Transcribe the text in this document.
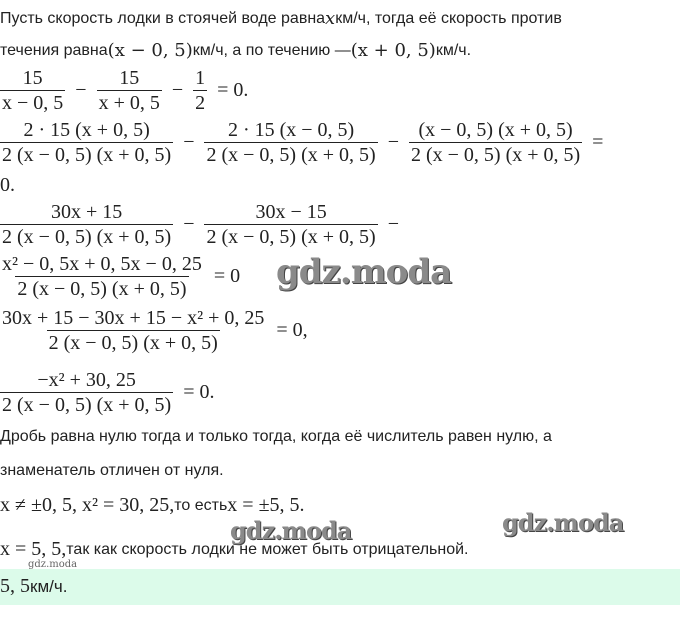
Пусть скорость лодки в стоячей воде равна x км/ч, тогда её скорость против
течения равна (x − 0, 5) км/ч, а по течению — (x + 0, 5) км/ч.
$\frac{15}{x - 0, 5} - \frac{15}{x + 0, 5} - \frac{1}{2} = 0$.
$\frac{2 \cdot 15 (x + 0, 5)}{2 (x - 0, 5) (x + 0, 5)} - \frac{2 \cdot 15 (x - 0, 5)}{2 (x - 0, 5) (x + 0, 5)} - \frac{(x - 0, 5) (x + 0, 5)}{2 (x - 0, 5) (x + 0, 5)}$ =
0.
$\frac{30x + 15}{2 (x - 0, 5) (x + 0, 5)} - \frac{30x - 15}{2 (x - 0, 5) (x + 0, 5)}$ −
$\frac{\text{x² − 0, 5x + 0, 5x − 0, 25}}{2 (x - 0, 5) (x + 0, 5)} = 0$ gdz.moda
$\frac{\text{30x + 15 − 30x + 15 − x² + 0, 25}}{2 (x - 0, 5) (x + 0, 5)} = 0$,
$\frac{\text{−x² + 30, 25}}{2 (x - 0, 5) (x + 0, 5)} = 0$.
Дробь равна нулю тогда и только тогда, когда её числитель равен нулю, а
знаменатель отличен от нуля.
x ≠ ±0, 5, x² = 30, 25, то есть x = ±5, 5.
gdz.moda	gdz.moda
x = 5, 5, так как скорость лодки не может быть отрицательной.
gdz.moda
5, 5 км/ч.
